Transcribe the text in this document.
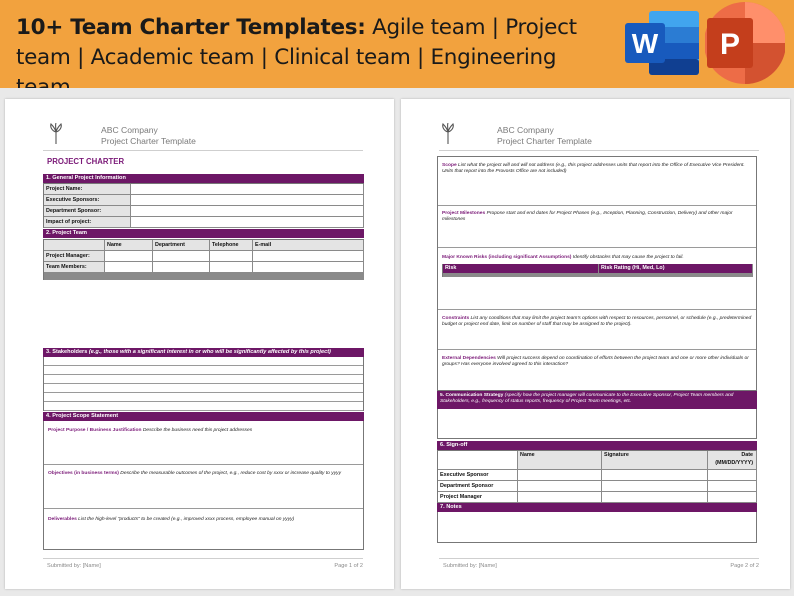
10+ Team Charter Templates: Agile team | Project team | Academic team | Clinical team | Engineering	W P
ABC Company
Project Charter Template
PROJECT CHARTER
1. General Project Information
Project Name:
Executive Sponsors:
Department Sponsor:
Impact of project:
2. Project Team
Name	Department	Telephone	E-mail
Project Manager:
Team Members:
3. Stakeholders (e.g., those with a significant interest in or who will be significantly affected by this project)
4. Project Scope Statement
Project Purpose / Business Justification Describe the business need this project addresses
Objectives (in business terms) Describe the measurable outcomes of the project, e.g., reduce cost by xxxx or increase quality to yyyy
Deliverables List the high-level "products" to be created (e.g., improved xxxx process, employee manual on yyyy)
Submitted by: [Name]	Page 1 of 2
ABC Company
Project Charter Template
Scope List what the project will and will not address (e.g., this project addresses units that report into the Office of Executive Vice President. Units that report into the Provosts Office are not included)
Project Milestones Propose start and end dates for Project Phases (e.g., Inception, Planning, Construction, Delivery) and other major milestones
Major Known Risks (including significant Assumptions) Identify obstacles that may cause the project to fail.
Risk	Risk Rating (Hi, Med, Lo)
Constraints List any conditions that may limit the project team's options with respect to resources, personnel, or schedule (e.g., predetermined budget or project end date, limit on number of staff that may be assigned to the project).
External Dependencies Will project success depend on coordination of efforts between the project team and one or more other individuals or groups? Has everyone involved agreed to this interaction?
5. Communication Strategy (specify how the project manager will communicate to the Executive Sponsor, Project Team members and Stakeholders, e.g., frequency of status reports, frequency of Project Team meetings, etc.
6. Sign-off
Name	Signature	Date (MM/DD/YYYY)
Executive Sponsor
Department Sponsor
Project Manager
7. Notes
Submitted by: [Name]	Page 2 of 2
